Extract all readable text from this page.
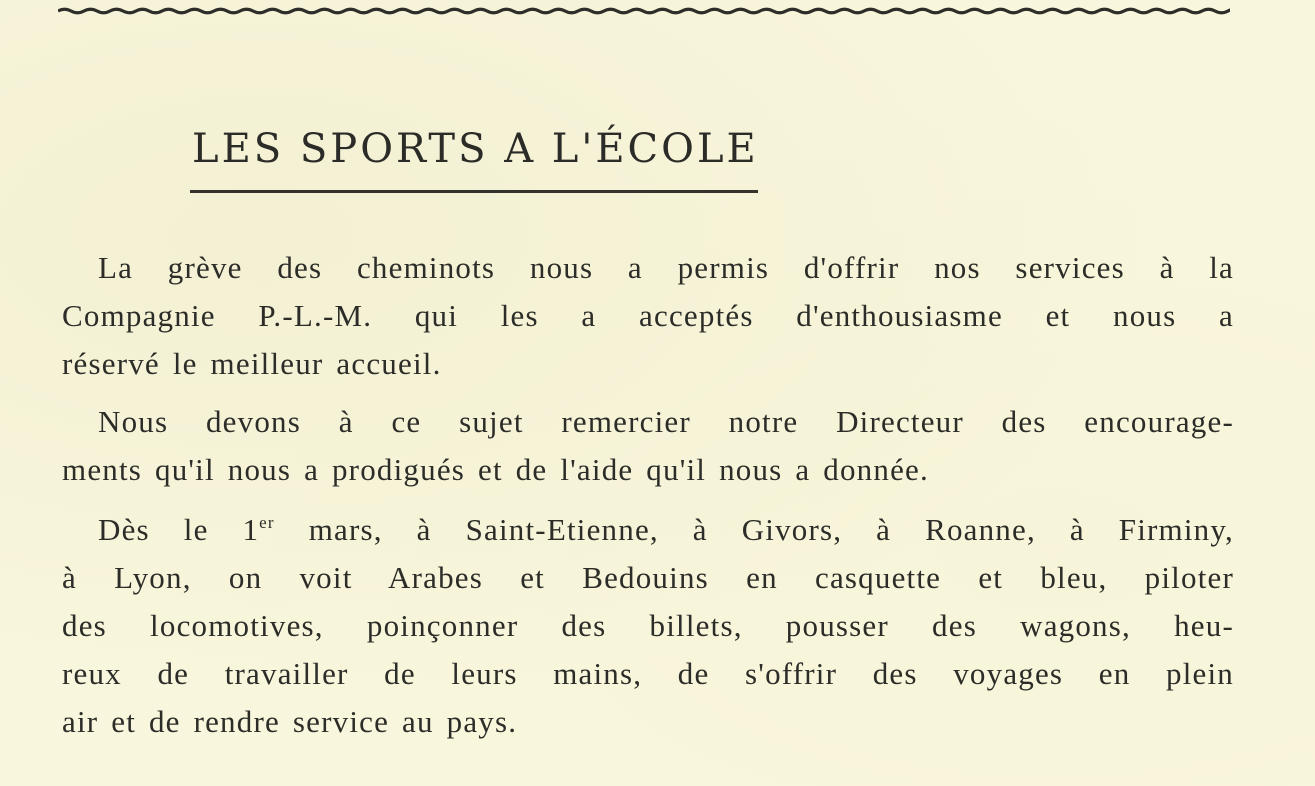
LES SPORTS A L'ÉCOLE
La grève des cheminots nous a permis d'offrir nos services à la
Compagnie P.-L.-M. qui les a acceptés d'enthousiasme et nous a
réservé le meilleur accueil.
Nous devons à ce sujet remercier notre Directeur des encourage-
ments qu'il nous a prodigués et de l'aide qu'il nous a donnée.
Dès le 1er mars, à Saint-Etienne, à Givors, à Roanne, à Firminy,
à Lyon, on voit Arabes et Bedouins en casquette et bleu, piloter
des locomotives, poinçonner des billets, pousser des wagons, heu-
reux de travailler de leurs mains, de s'offrir des voyages en plein
air et de rendre service au pays.
